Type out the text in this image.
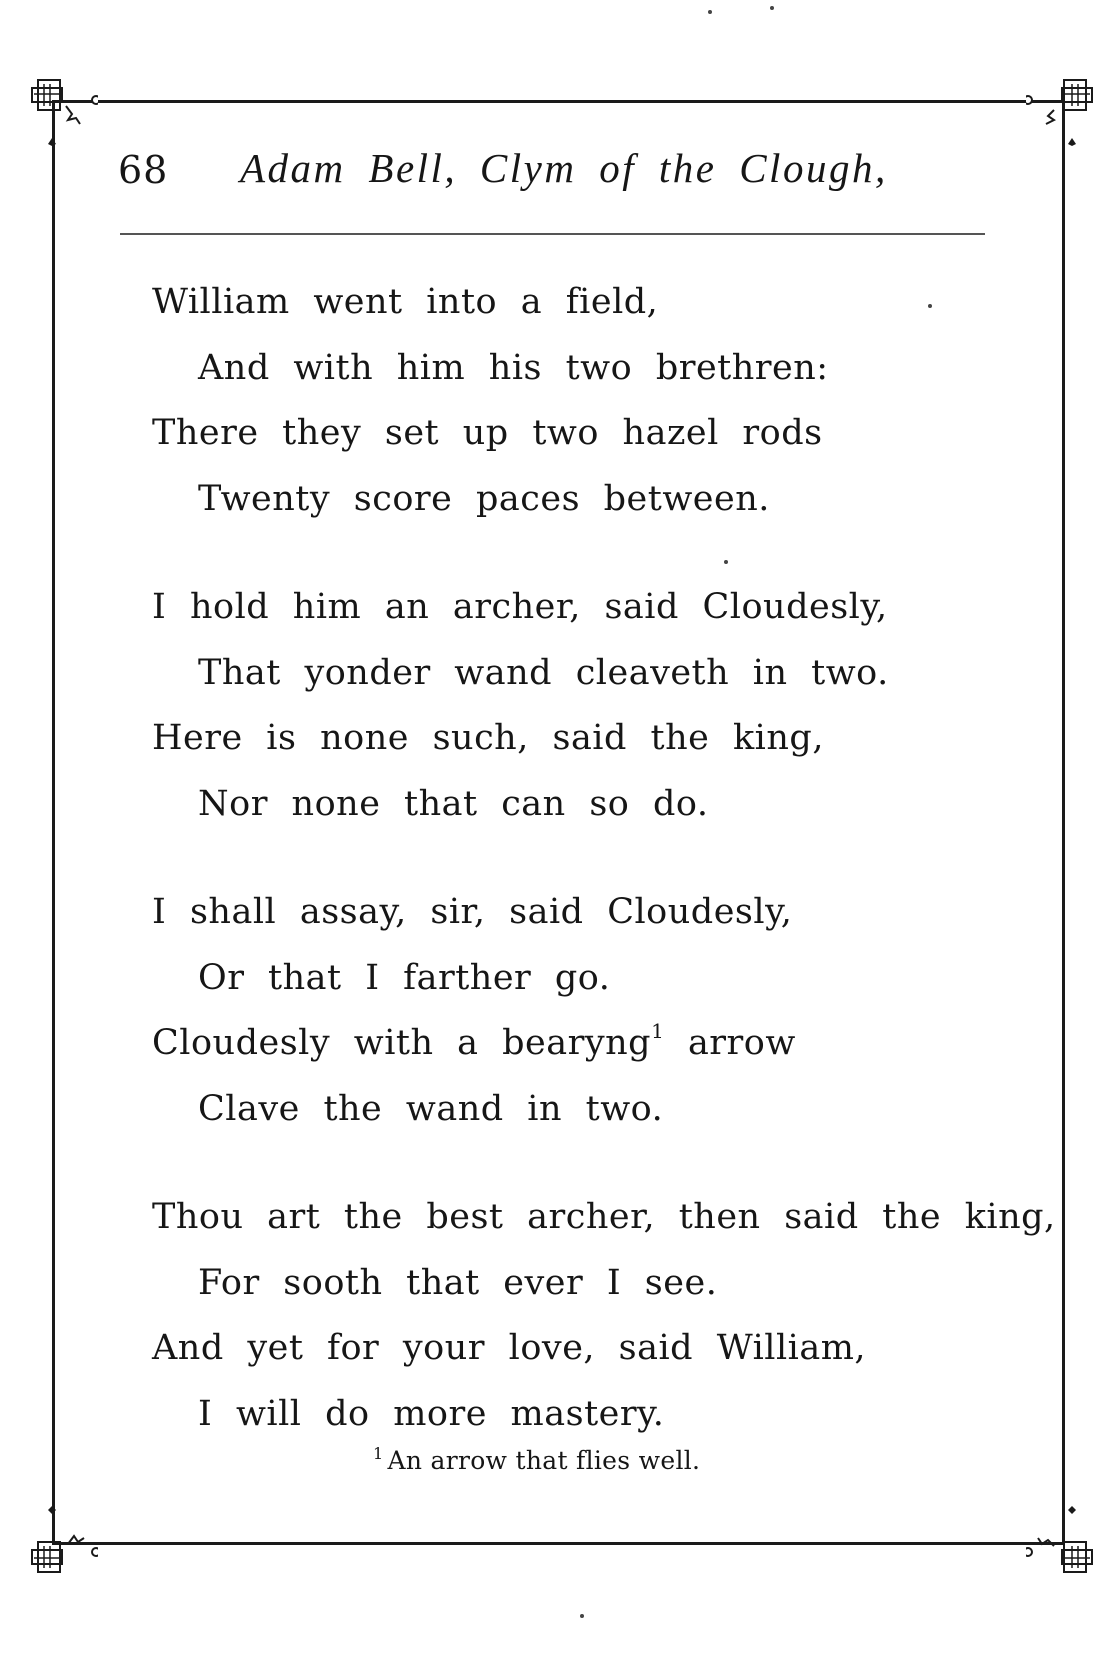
68 Adam Bell, Clym of the Clough,
William went into a field,
And with him his two brethren:
There they set up two hazel rods
Twenty score paces between.
I hold him an archer, said Cloudesly,
That yonder wand cleaveth in two.
Here is none such, said the king,
Nor none that can so do.
I shall assay, sir, said Cloudesly,
Or that I farther go.
Cloudesly with a bearyng$^1$ arrow
Clave the wand in two.
Thou art the best archer, then said the king,
For sooth that ever I see.
And yet for your love, said William,
I will do more mastery.
$^1$ An arrow that flies well.
